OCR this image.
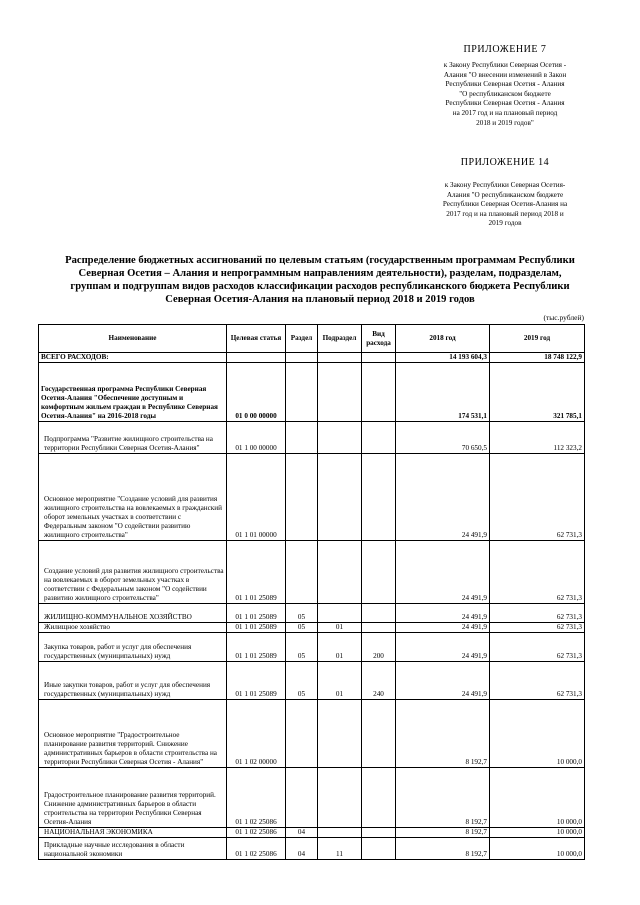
ПРИЛОЖЕНИЕ 7
к Закону Республики Северная Осетия -
Алания "О внесении изменений в Закон
Республики Северная Осетия - Алания
"О республиканском бюджете
Республики Северная Осетия - Алания
на 2017 год и на плановый период
2018 и 2019 годов"
ПРИЛОЖЕНИЕ 14
к Закону Республики Северная Осетия-
Алания "О республиканском бюджете
Республики Северная Осетия-Алания на
2017 год и на плановый период 2018 и
2019 годов
Распределение бюджетных ассигнований по целевым статьям (государственным программам Республики
Северная Осетия – Алания и непрограммным направлениям деятельности), разделам, подразделам,
группам и подгруппам видов расходов классификации расходов республиканского бюджета Республики
Северная Осетия-Алания на плановый период 2018 и 2019 годов
(тыс.рублей)
Наименование	Целевая статья	Раздел	Подраздел	Вид расхода	2018 год	2019 год
ВСЕГО РАСХОДОВ:					14 193 604,3	18 748 122,9
Государственная программа Республики Северная Осетия-Алания "Обеспечение доступным и комфортным жильем граждан в Республике Северная Осетия-Алания" на 2016-2018 годы	01 0 00 00000				174 531,1	321 785,1
Подпрограмма "Развитие жилищного строительства на территории Республики Северная Осетия-Алания"	01 1 00 00000				70 650,5	112 323,2
Основное мероприятие "Создание условий для развития жилищного строительства на вовлекаемых в гражданский оборот земельных участках в соответствии с Федеральным законом "О содействии развитию жилищного строительства"	01 1 01 00000				24 491,9	62 731,3
Создание условий для развития жилищного строительства на вовлекаемых в оборот земельных участках в соответствии с Федеральным законом "О содействии развитию жилищного строительства"	01 1 01 25089				24 491,9	62 731,3
ЖИЛИЩНО-КОММУНАЛЬНОЕ ХОЗЯЙСТВО	01 1 01 25089	05			24 491,9	62 731,3
Жилищное хозяйство	01 1 01 25089	05	01		24 491,9	62 731,3
Закупка товаров, работ и услуг для обеспечения государственных (муниципальных) нужд	01 1 01 25089	05	01	200	24 491,9	62 731,3
Иные закупки товаров, работ и услуг для обеспечения государственных (муниципальных) нужд	01 1 01 25089	05	01	240	24 491,9	62 731,3
Основное мероприятие "Градостроительное планирование развития территорий. Снижение административных барьеров в области строительства на территории Республики Северная Осетия - Алания"	01 1 02 00000				8 192,7	10 000,0
Градостроительное планирование развития территорий. Снижение административных барьеров в области строительства на территории Республики Северная Осетия-Алания	01 1 02 25086				8 192,7	10 000,0
НАЦИОНАЛЬНАЯ ЭКОНОМИКА	01 1 02 25086	04			8 192,7	10 000,0
Прикладные научные исследования в области национальной экономики	01 1 02 25086	04	11		8 192,7	10 000,0
